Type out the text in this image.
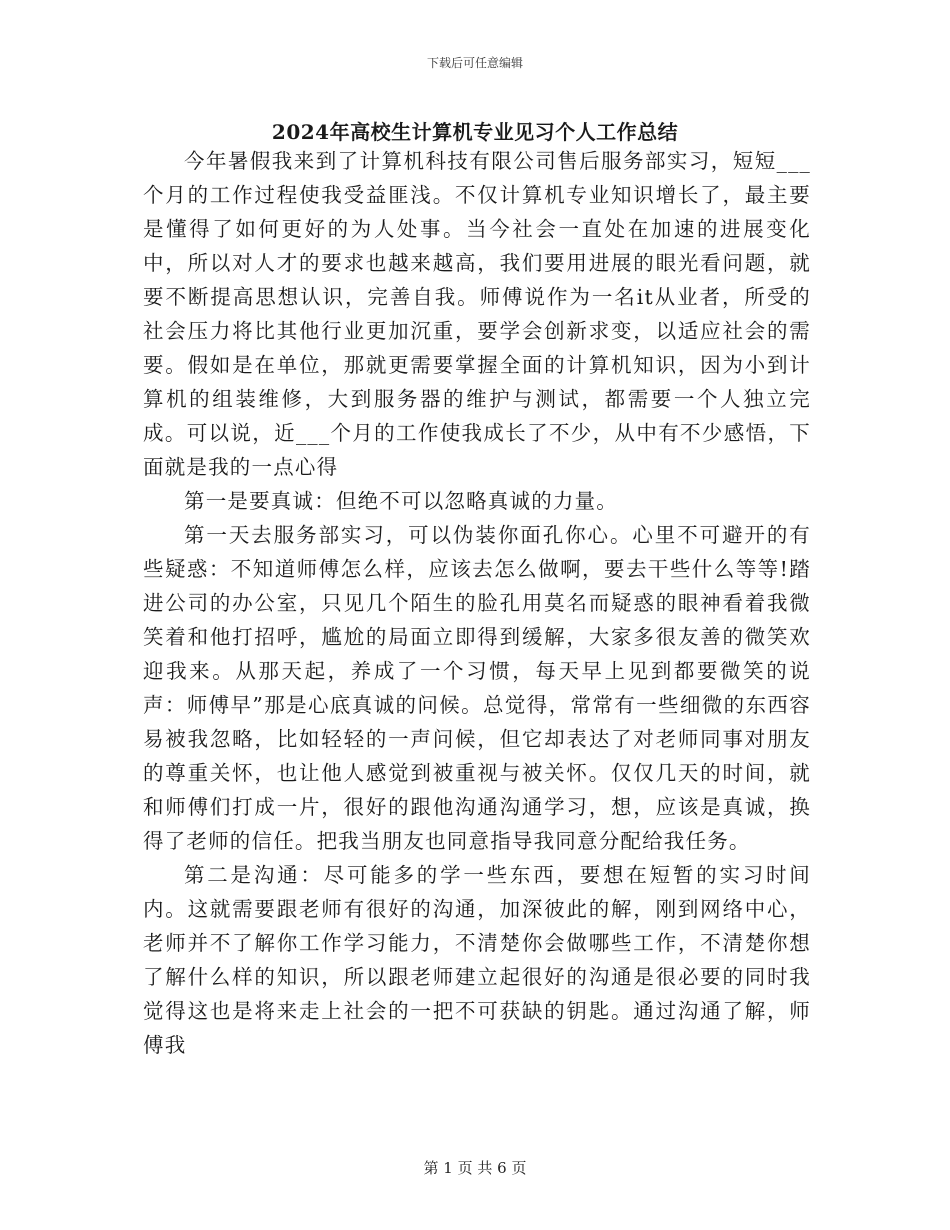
下载后可任意编辑
2024年高校生计算机专业见习个人工作总结

今年暑假我来到了计算机科技有限公司售后服务部实习，短短___个月的工作过程使我受益匪浅。不仅计算机专业知识增长了，最主要是懂得了如何更好的为人处事。当今社会一直处在加速的进展变化中，所以对人才的要求也越来越高，我们要用进展的眼光看问题，就要不断提高思想认识，完善自我。师傅说作为一名it从业者，所受的社会压力将比其他行业更加沉重，要学会创新求变，以适应社会的需要。假如是在单位，那就更需要掌握全面的计算机知识，因为小到计算机的组装维修，大到服务器的维护与测试，都需要一个人独立完成。可以说，近___个月的工作使我成长了不少，从中有不少感悟，下面就是我的一点心得

第一是要真诚：但绝不可以忽略真诚的力量。

第一天去服务部实习，可以伪装你面孔你心。心里不可避开的有些疑惑：不知道师傅怎么样，应该去怎么做啊，要去干些什么等等!踏进公司的办公室，只见几个陌生的脸孔用莫名而疑惑的眼神看着我微笑着和他打招呼，尴尬的局面立即得到缓解，大家多很友善的微笑欢迎我来。从那天起，养成了一个习惯，每天早上见到都要微笑的说声：师傅早”那是心底真诚的问候。总觉得，常常有一些细微的东西容易被我忽略，比如轻轻的一声问候，但它却表达了对老师同事对朋友的尊重关怀，也让他人感觉到被重视与被关怀。仅仅几天的时间，就和师傅们打成一片，很好的跟他沟通沟通学习，想，应该是真诚，换得了老师的信任。把我当朋友也同意指导我同意分配给我任务。

第二是沟通：尽可能多的学一些东西，要想在短暂的实习时间内。这就需要跟老师有很好的沟通，加深彼此的解，刚到网络中心，老师并不了解你工作学习能力，不清楚你会做哪些工作，不清楚你想了解什么样的知识，所以跟老师建立起很好的沟通是很必要的同时我觉得这也是将来走上社会的一把不可获缺的钥匙。通过沟通了解，师傅我

第 1 页 共 6 页
